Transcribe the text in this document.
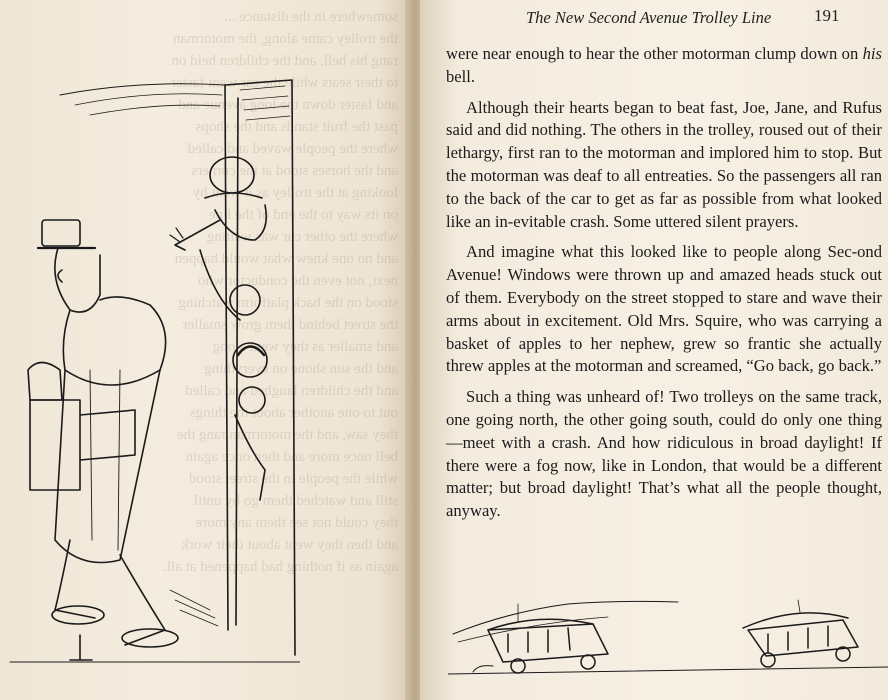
somewhere in the distance ...
the trolley came along, the motorman
rang his bell, and the children held on
to their seats while the car went faster
and faster down the long avenue and
past the fruit stands and the shops
where the people waved and called
and the horses stood at the corners
looking at the trolley as it went by
on its way to the end of the line
where the other car was waiting
and no one knew what would happen
next, not even the conductor who
stood on the back platform watching
the street behind them grow smaller
and smaller as they went along
and the sun shone on everything
and the children laughed and called
out to one another about the things
they saw, and the motorman rang the
bell once more and then once again
while the people in the street stood
still and watched them go by until
they could not see them any more
and then they went about their work
again as if nothing had happened at all.
The New Second Avenue Trolley Line	191

were near enough to hear the other motorman clump down on his bell.

Although their hearts began to beat fast, Joe, Jane, and Rufus said and did nothing. The others in the trolley, roused out of their lethargy, first ran to the motorman and implored him to stop. But the motorman was deaf to all entreaties. So the passengers all ran to the back of the car to get as far as possible from what looked like an in-evitable crash. Some uttered silent prayers.

And imagine what this looked like to people along Sec-ond Avenue! Windows were thrown up and amazed heads stuck out of them. Everybody on the street stopped to stare and wave their arms about in excitement. Old Mrs. Squire, who was carrying a basket of apples to her nephew, grew so frantic she actually threw apples at the motorman and screamed, “Go back, go back.”

Such a thing was unheard of! Two trolleys on the same track, one going north, the other going south, could do only one thing—meet with a crash. And how ridiculous in broad daylight! If there were a fog now, like in London, that would be a different matter; but broad daylight! That’s what all the people thought, anyway.
